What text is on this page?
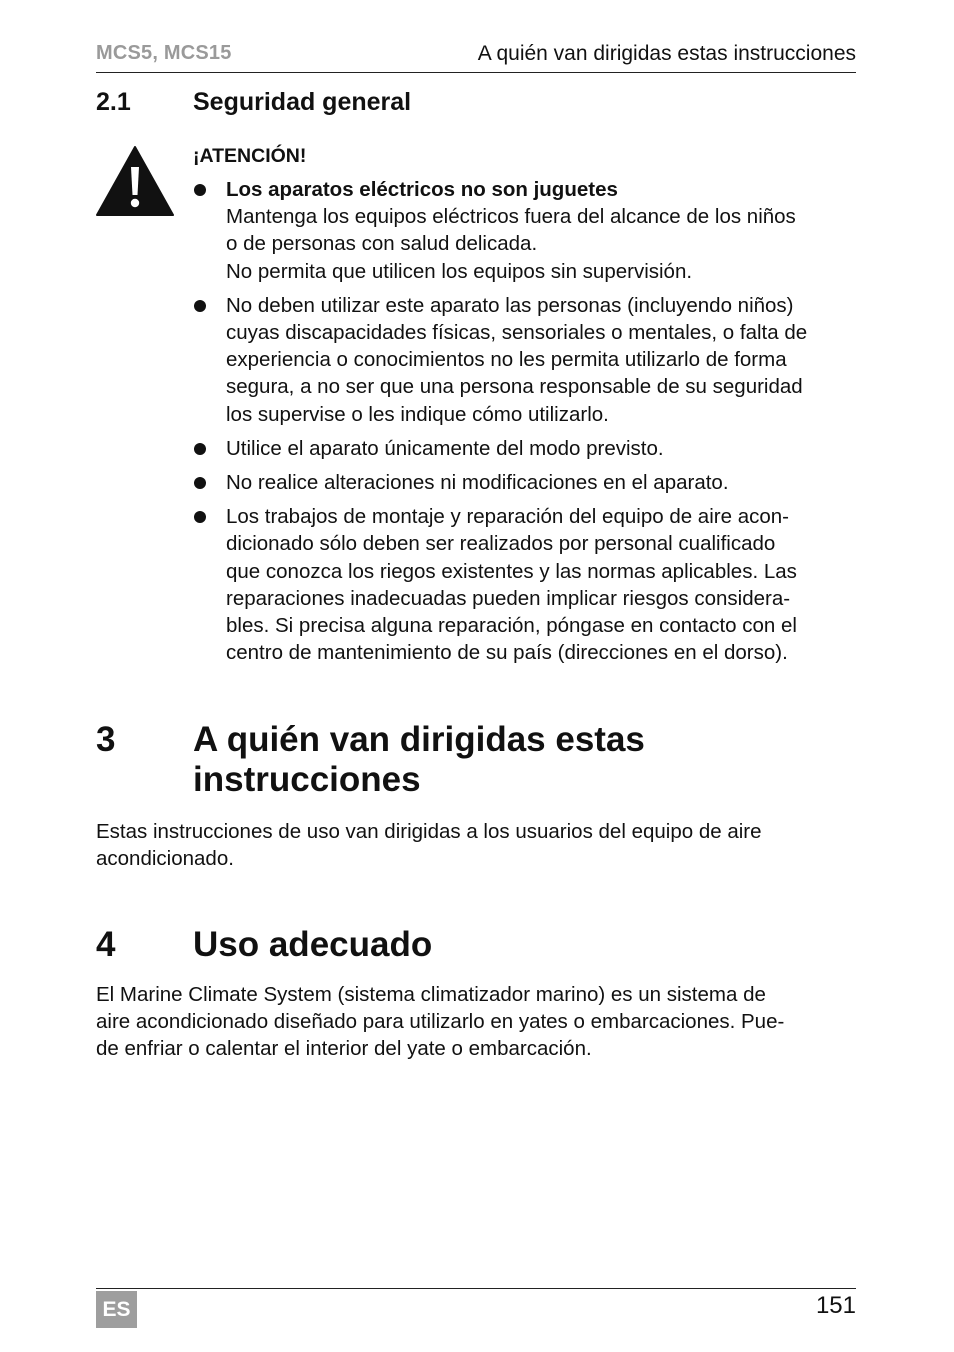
MCS5, MCS15	A quién van dirigidas estas instrucciones
2.1 Seguridad general
¡ATENCIÓN!
Los aparatos eléctricos no son juguetes
Mantenga los equipos eléctricos fuera del alcance de los niños
o de personas con salud delicada.
No permita que utilicen los equipos sin supervisión.
No deben utilizar este aparato las personas (incluyendo niños)
cuyas discapacidades físicas, sensoriales o mentales, o falta de
experiencia o conocimientos no les permita utilizarlo de forma
segura, a no ser que una persona responsable de su seguridad
los supervise o les indique cómo utilizarlo.
Utilice el aparato únicamente del modo previsto.
No realice alteraciones ni modificaciones en el aparato.
Los trabajos de montaje y reparación del equipo de aire acon-
dicionado sólo deben ser realizados por personal cualificado
que conozca los riegos existentes y las normas aplicables. Las
reparaciones inadecuadas pueden implicar riesgos considera-
bles. Si precisa alguna reparación, póngase en contacto con el
centro de mantenimiento de su país (direcciones en el dorso).
3 A quién van dirigidas estas
instrucciones
Estas instrucciones de uso van dirigidas a los usuarios del equipo de aire
acondicionado.
4 Uso adecuado
El Marine Climate System (sistema climatizador marino) es un sistema de
aire acondicionado diseñado para utilizarlo en yates o embarcaciones. Pue-
de enfriar o calentar el interior del yate o embarcación.
ES	151
